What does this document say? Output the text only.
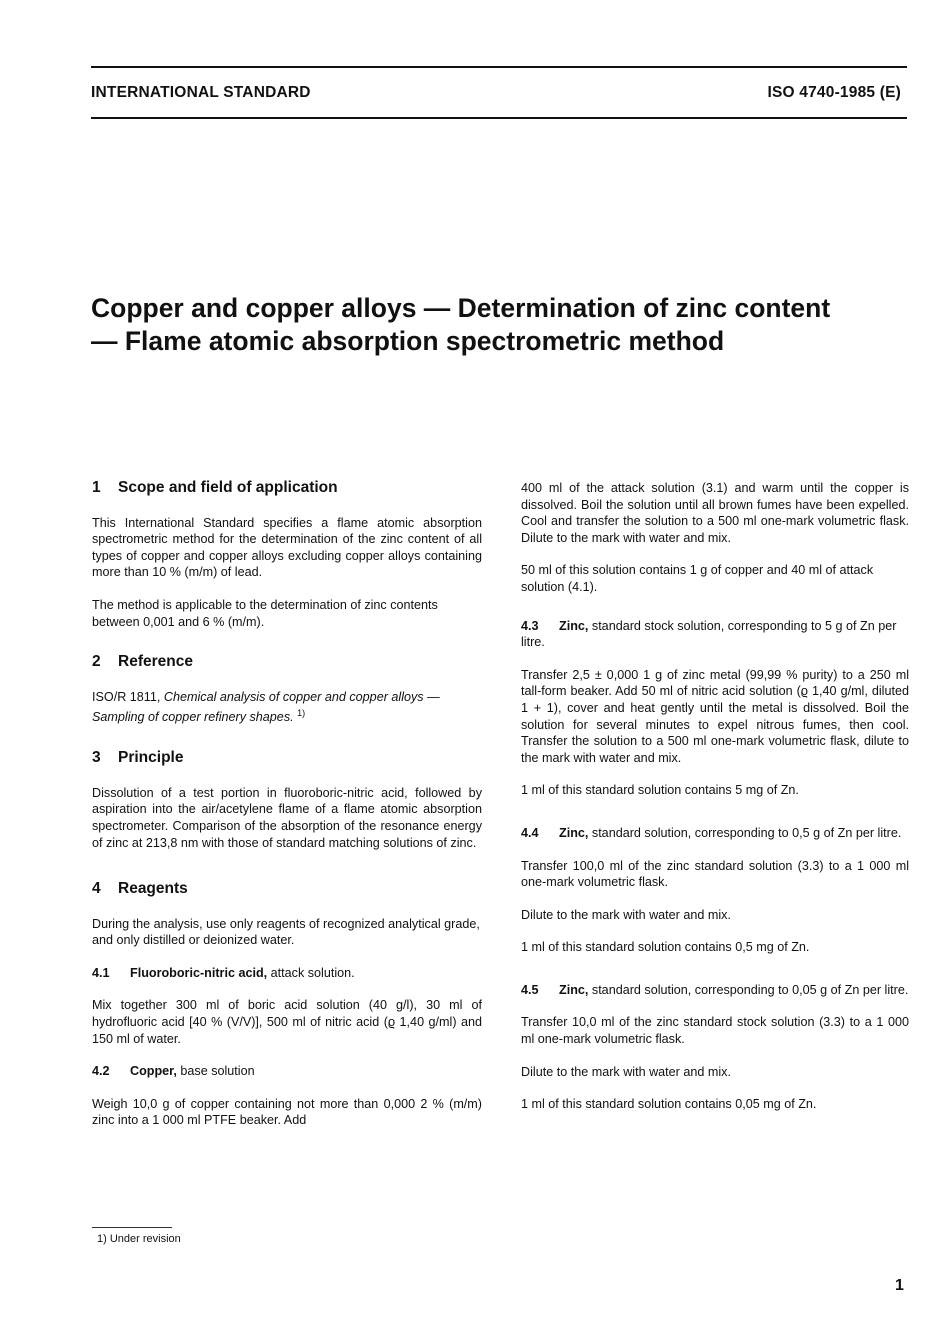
INTERNATIONAL STANDARD	ISO 4740-1985 (E)
Copper and copper alloys — Determination of zinc content — Flame atomic absorption spectrometric method
1 Scope and field of application

This International Standard specifies a flame atomic absorption spectrometric method for the determination of the zinc content of all types of copper and copper alloys excluding copper alloys containing more than 10 % (m/m) of lead.

The method is applicable to the determination of zinc contents between 0,001 and 6 % (m/m).

2 Reference

ISO/R 1811, Chemical analysis of copper and copper alloys — Sampling of copper refinery shapes. $^{1)}$

3 Principle

Dissolution of a test portion in fluoroboric-nitric acid, followed by aspiration into the air/acetylene flame of a flame atomic absorption spectrometer. Comparison of the absorption of the resonance energy of zinc at 213,8 nm with those of standard matching solutions of zinc.

4 Reagents

During the analysis, use only reagents of recognized analytical grade, and only distilled or deionized water.

4.1 Fluoroboric-nitric acid, attack solution.

Mix together 300 ml of boric acid solution (40 g/l), 30 ml of hydrofluoric acid [40 % (V/V)], 500 ml of nitric acid (ϱ 1,40 g/ml) and 150 ml of water.

4.2 Copper, base solution

Weigh 10,0 g of copper containing not more than 0,000 2 % (m/m) zinc into a 1 000 ml PTFE beaker. Add

400 ml of the attack solution (3.1) and warm until the copper is dissolved. Boil the solution until all brown fumes have been expelled. Cool and transfer the solution to a 500 ml one-mark volumetric flask. Dilute to the mark with water and mix.

50 ml of this solution contains 1 g of copper and 40 ml of attack solution (4.1).

4.3 Zinc, standard stock solution, corresponding to 5 g of Zn per litre.

Transfer 2,5 ± 0,000 1 g of zinc metal (99,99 % purity) to a 250 ml tall-form beaker. Add 50 ml of nitric acid solution (ϱ 1,40 g/ml, diluted 1 + 1), cover and heat gently until the metal is dissolved. Boil the solution for several minutes to expel nitrous fumes, then cool. Transfer the solution to a 500 ml one-mark volumetric flask, dilute to the mark with water and mix.

1 ml of this standard solution contains 5 mg of Zn.

4.4 Zinc, standard solution, corresponding to 0,5 g of Zn per litre.

Transfer 100,0 ml of the zinc standard solution (3.3) to a 1 000 ml one-mark volumetric flask.

Dilute to the mark with water and mix.

1 ml of this standard solution contains 0,5 mg of Zn.

4.5 Zinc, standard solution, corresponding to 0,05 g of Zn per litre.

Transfer 10,0 ml of the zinc standard stock solution (3.3) to a 1 000 ml one-mark volumetric flask.

Dilute to the mark with water and mix.

1 ml of this standard solution contains 0,05 mg of Zn.

1) Under revision
1
